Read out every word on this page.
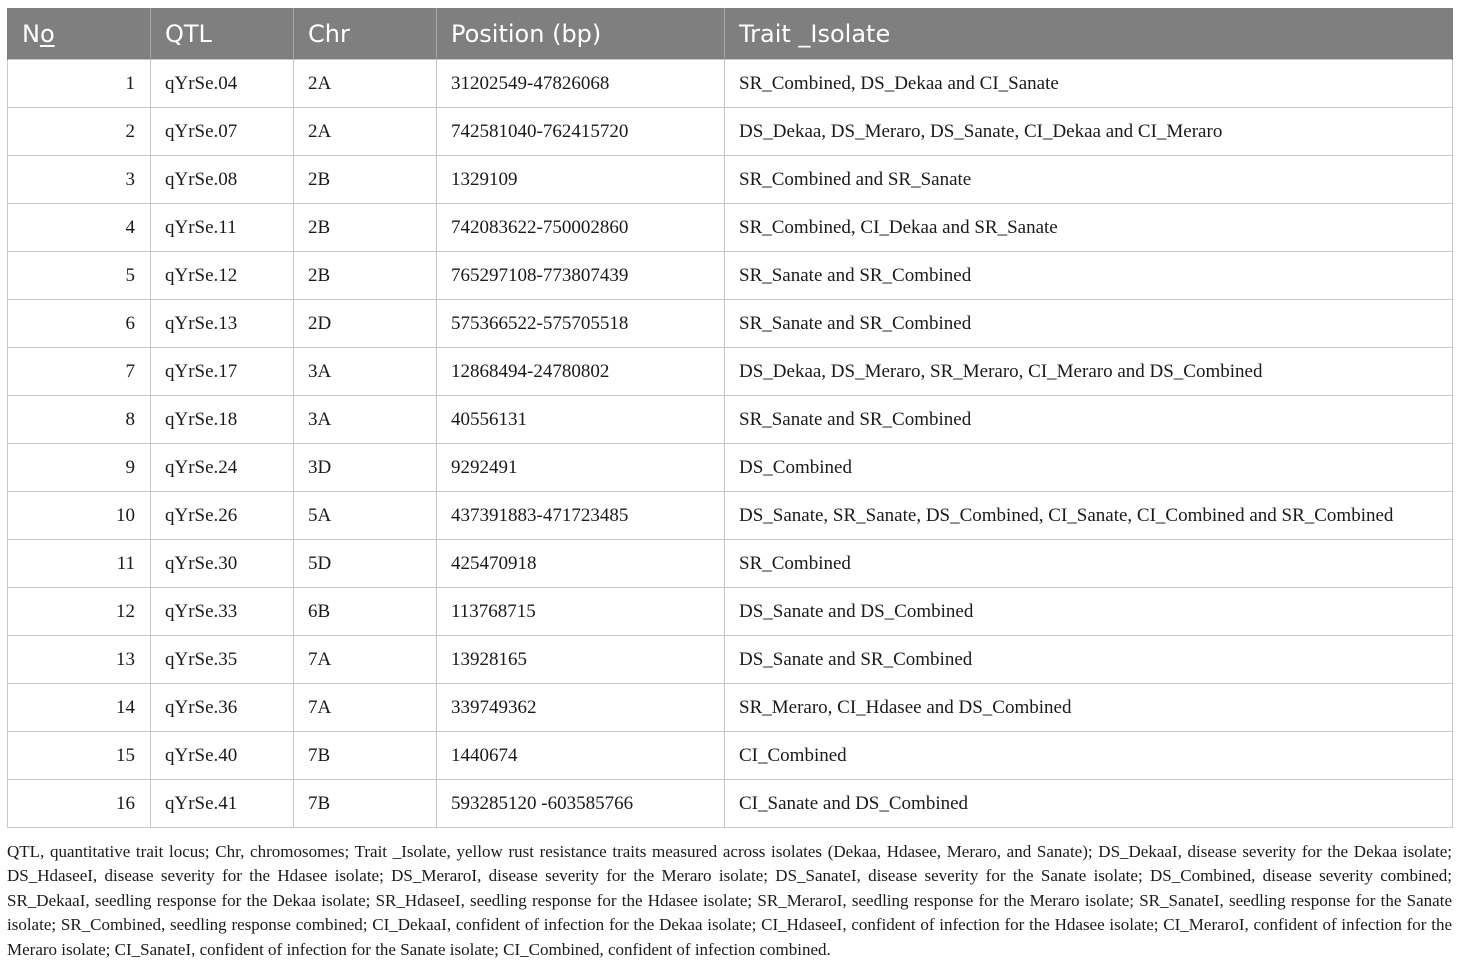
No	QTL	Chr	Position (bp)	Trait _Isolate
1	qYrSe.04	2A	31202549-47826068	SR_Combined, DS_Dekaa and CI_Sanate
2	qYrSe.07	2A	742581040-762415720	DS_Dekaa, DS_Meraro, DS_Sanate, CI_Dekaa and CI_Meraro
3	qYrSe.08	2B	1329109	SR_Combined and SR_Sanate
4	qYrSe.11	2B	742083622-750002860	SR_Combined, CI_Dekaa and SR_Sanate
5	qYrSe.12	2B	765297108-773807439	SR_Sanate and SR_Combined
6	qYrSe.13	2D	575366522-575705518	SR_Sanate and SR_Combined
7	qYrSe.17	3A	12868494-24780802	DS_Dekaa, DS_Meraro, SR_Meraro, CI_Meraro and DS_Combined
8	qYrSe.18	3A	40556131	SR_Sanate and SR_Combined
9	qYrSe.24	3D	9292491	DS_Combined
10	qYrSe.26	5A	437391883-471723485	DS_Sanate, SR_Sanate, DS_Combined, CI_Sanate, CI_Combined and SR_Combined
11	qYrSe.30	5D	425470918	SR_Combined
12	qYrSe.33	6B	113768715	DS_Sanate and DS_Combined
13	qYrSe.35	7A	13928165	DS_Sanate and SR_Combined
14	qYrSe.36	7A	339749362	SR_Meraro, CI_Hdasee and DS_Combined
15	qYrSe.40	7B	1440674	CI_Combined
16	qYrSe.41	7B	593285120 -603585766	CI_Sanate and DS_Combined

QTL, quantitative trait locus; Chr, chromosomes; Trait _Isolate, yellow rust resistance traits measured across isolates (Dekaa, Hdasee, Meraro, and Sanate); DS_DekaaI, disease severity for the Dekaa isolate; DS_HdaseeI, disease severity for the Hdasee isolate; DS_MeraroI, disease severity for the Meraro isolate; DS_SanateI, disease severity for the Sanate isolate; DS_Combined, disease severity combined; SR_DekaaI, seedling response for the Dekaa isolate; SR_HdaseeI, seedling response for the Hdasee isolate; SR_MeraroI, seedling response for the Meraro isolate; SR_SanateI, seedling response for the Sanate isolate; SR_Combined, seedling response combined; CI_DekaaI, confident of infection for the Dekaa isolate; CI_HdaseeI, confident of infection for the Hdasee isolate; CI_MeraroI, confident of infection for the Meraro isolate; CI_SanateI, confident of infection for the Sanate isolate; CI_Combined, confident of infection combined.
